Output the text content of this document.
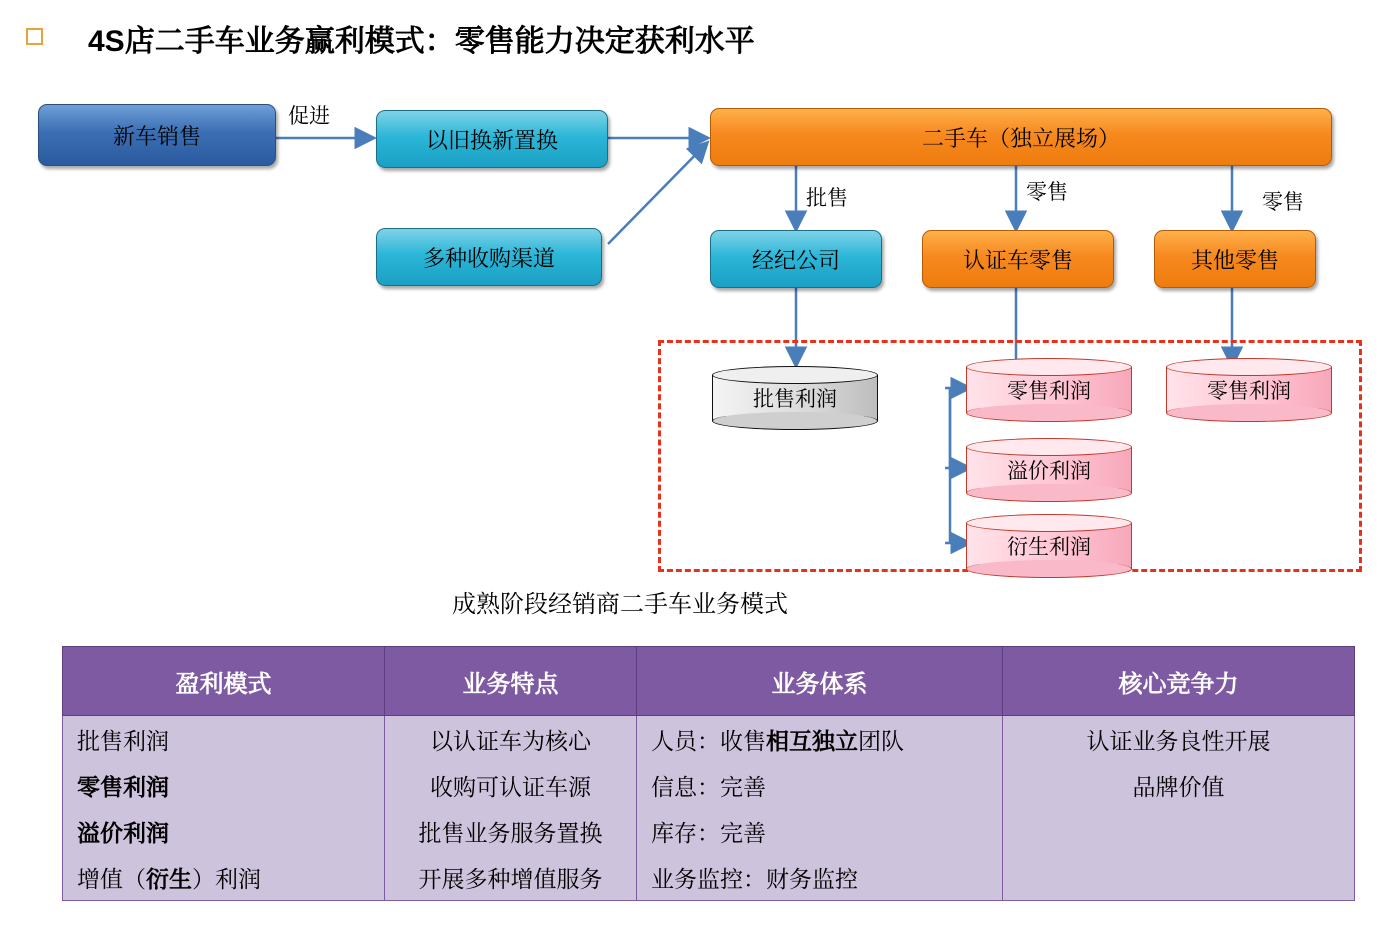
4S店二手车业务赢利模式：零售能力决定获利水平
新车销售
促进
以旧换新置换
多种收购渠道
二手车（独立展场）
批售	零售	零售
经纪公司	认证车零售	其他零售
批售利润	零售利润
溢价利润
衍生利润
零售利润
成熟阶段经销商二手车业务模式
盈利模式	业务特点	业务体系	核心竞争力
批售利润	以认证车为核心	人员：收售相互独立团队	认证业务良性开展
零售利润	收购可认证车源	信息：完善	品牌价值
溢价利润	批售业务服务置换	库存：完善	
增值（衍生）利润	开展多种增值服务	业务监控：财务监控	
